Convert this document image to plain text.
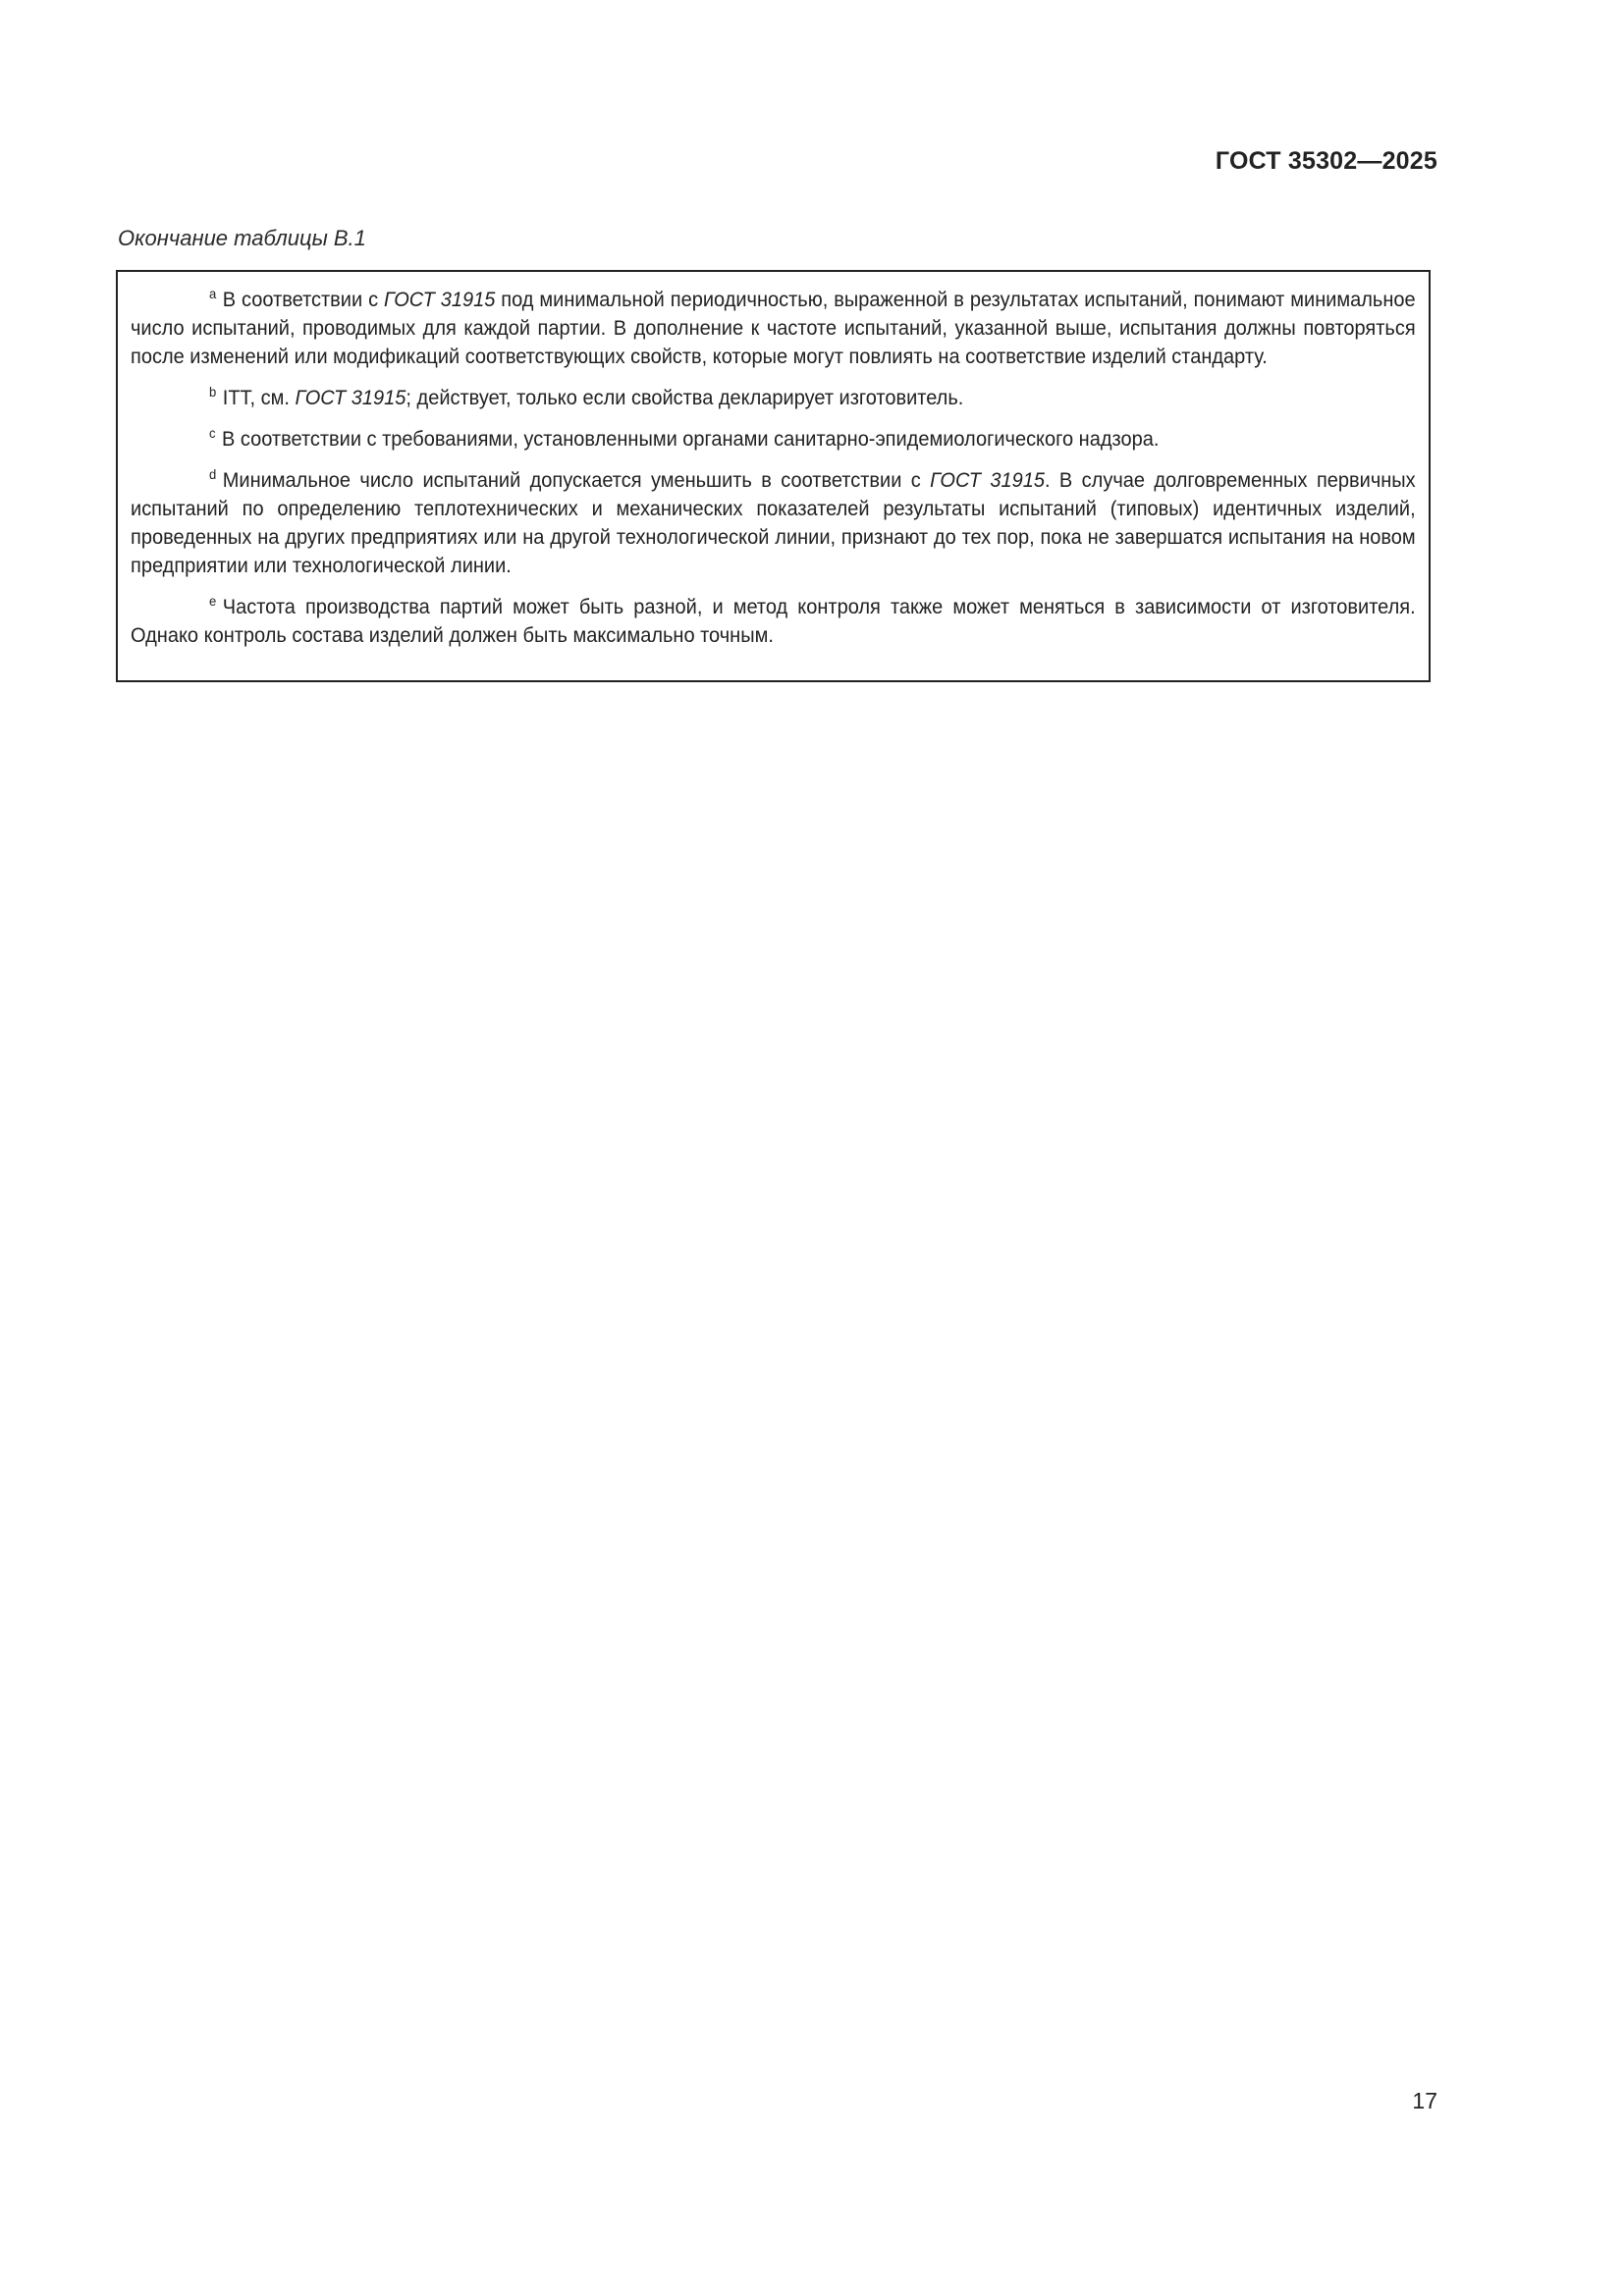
ГОСТ 35302—2025
Окончание таблицы В.1

a В соответствии с ГОСТ 31915 под минимальной периодичностью, выраженной в результатах испытаний, понимают минимальное число испытаний, проводимых для каждой партии. В дополнение к частоте испытаний, указанной выше, испытания должны повторяться после изменений или модификаций соответствующих свойств, которые могут повлиять на соответствие изделий стандарту.

b ITT, см. ГОСТ 31915; действует, только если свойства декларирует изготовитель.

c В соответствии с требованиями, установленными органами санитарно-эпидемиологического надзора.

d Минимальное число испытаний допускается уменьшить в соответствии с ГОСТ 31915. В случае долговременных первичных испытаний по определению теплотехнических и механических показателей результаты испытаний (типовых) идентичных изделий, проведенных на других предприятиях или на другой технологической линии, признают до тех пор, пока не завершатся испытания на новом предприятии или технологической линии.

e Частота производства партий может быть разной, и метод контроля также может меняться в зависимости от изготовителя. Однако контроль состава изделий должен быть максимально точным.

17
